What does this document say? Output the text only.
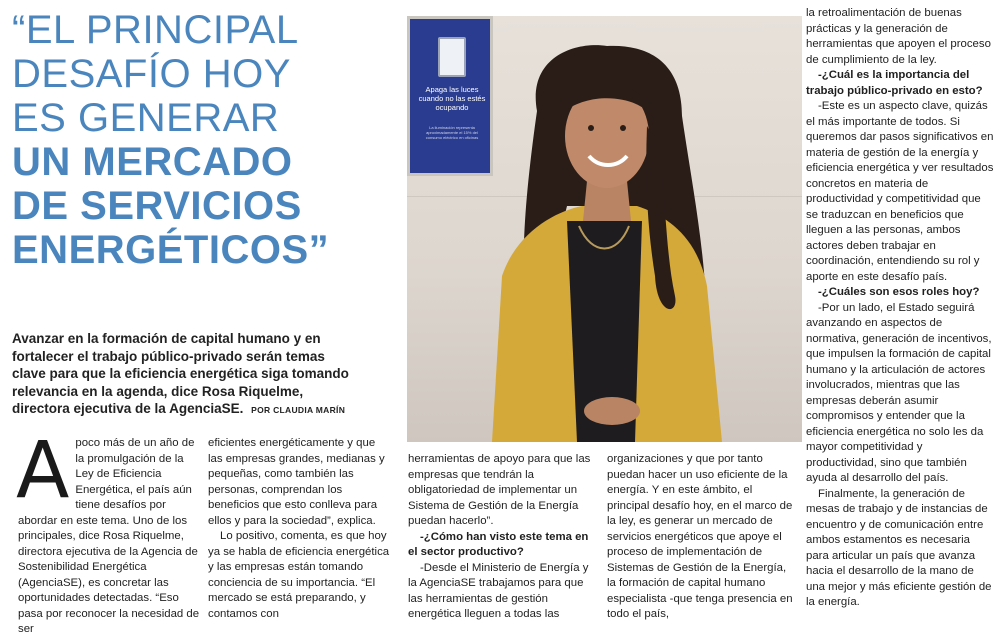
“EL PRINCIPAL
DESAFÍO HOY
ES GENERAR
UN MERCADO
DE SERVICIOS
ENERGÉTICOS”
Avanzar en la formación de capital humano y en fortalecer el trabajo público-privado serán temas clave para que la eficiencia energética siga tomando relevancia en la agenda, dice Rosa Riquelme, directora ejecutiva de la AgenciaSE. POR CLAUDIA MARÍN
Apaga las luces cuando no las estés ocupando
La iluminación representa aproximadamente el 15% del consumo eléctrico en oficinas

A poco más de un año de la promulgación de la Ley de Eficiencia Energética, el país aún tiene desafíos por abordar en este tema. Uno de los principales, dice Rosa Riquelme, directora ejecutiva de la Agencia de Sostenibilidad Energética (AgenciaSE), es concretar las oportunidades detectadas. “Eso pasa por reconocer la necesidad de ser

eficientes energéticamente y que las empresas grandes, medianas y pequeñas, como también las personas, comprendan los beneficios que esto conlleva para ellos y para la sociedad”, explica.

Lo positivo, comenta, es que hoy ya se habla de eficiencia energética y las empresas están tomando conciencia de su importancia. “El mercado se está preparando, y contamos con

herramientas de apoyo para que las empresas que tendrán la obligatoriedad de implementar un Sistema de Gestión de la Energía puedan hacerlo”.

-¿Cómo han visto este tema en el sector productivo?

-Desde el Ministerio de Energía y la AgenciaSE trabajamos para que las herramientas de gestión energética lleguen a todas las

organizaciones y que por tanto puedan hacer un uso eficiente de la energía. Y en este ámbito, el principal desafío hoy, en el marco de la ley, es generar un mercado de servicios energéticos que apoye el proceso de implementación de Sistemas de Gestión de la Energía, la formación de capital humano especialista -que tenga presencia en todo el país,

la retroalimentación de buenas prácticas y la generación de herramientas que apoyen el proceso de cumplimiento de la ley.

-¿Cuál es la importancia del trabajo público-privado en esto?

-Este es un aspecto clave, quizás el más importante de todos. Si queremos dar pasos significativos en materia de gestión de la energía y eficiencia energética y ver resultados concretos en materia de productividad y competitividad que se traduzcan en beneficios que lleguen a las personas, ambos actores deben trabajar en coordinación, entendiendo su rol y aporte en este desafío país.

-¿Cuáles son esos roles hoy?

-Por un lado, el Estado seguirá avanzando en aspectos de normativa, generación de incentivos, que impulsen la formación de capital humano y la articulación de actores involucrados, mientras que las empresas deberán asumir compromisos y entender que la eficiencia energética no solo les da mayor competitividad y productividad, sino que también ayuda al desarrollo del país.

Finalmente, la generación de mesas de trabajo y de instancias de encuentro y de comunicación entre ambos estamentos es necesaria para articular un país que avanza hacia el desarrollo de la mano de una mejor y más eficiente gestión de la energía.
